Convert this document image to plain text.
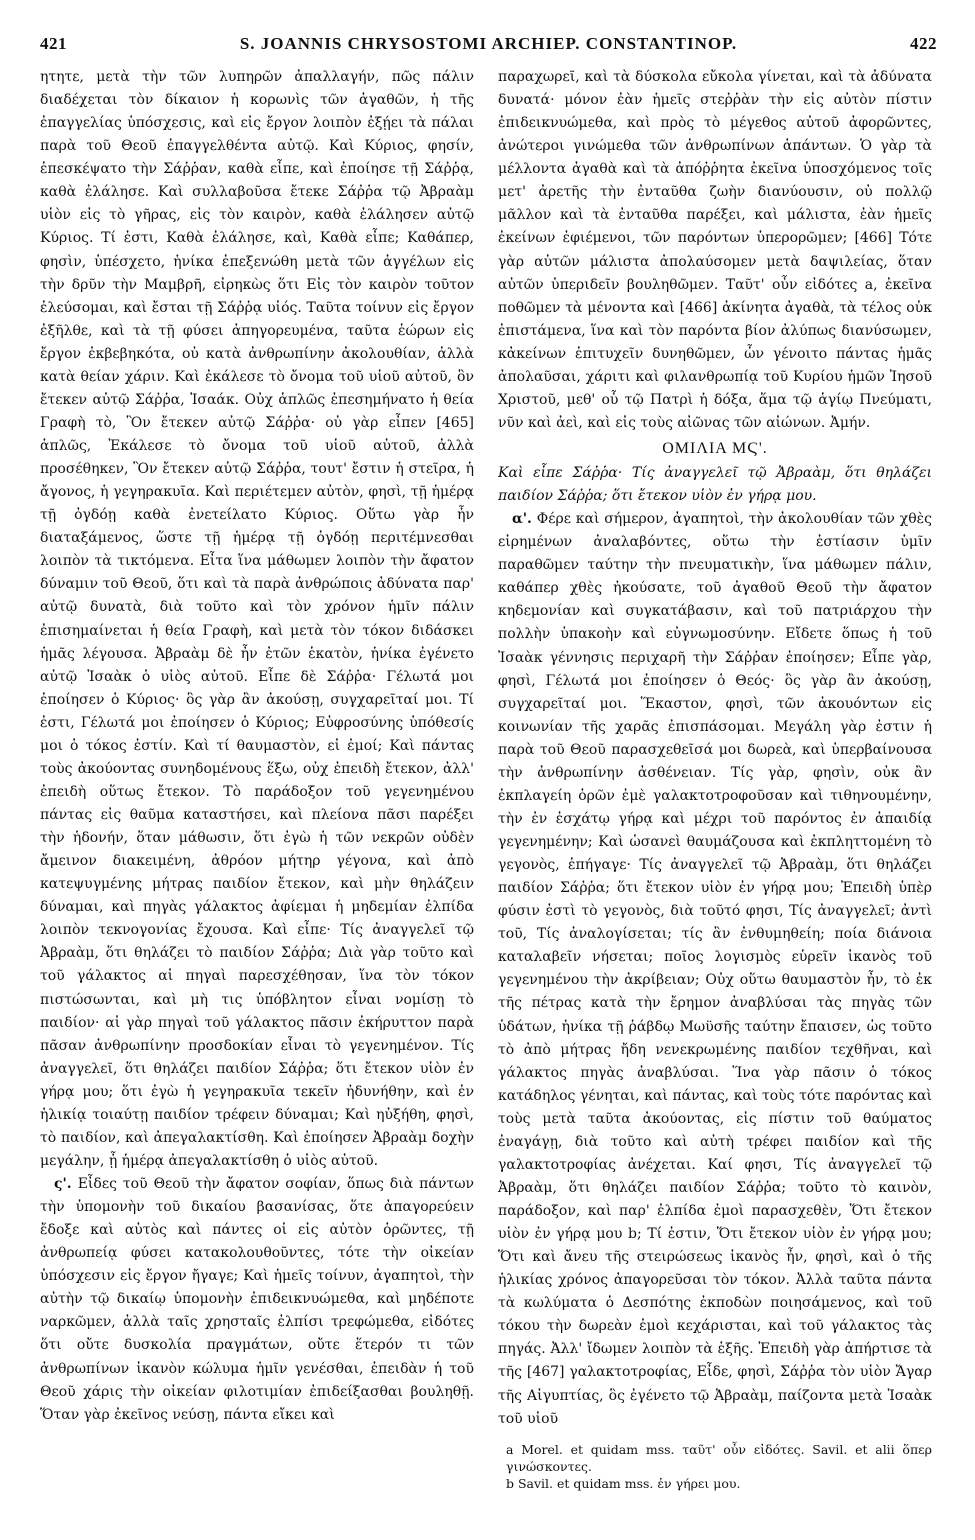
421	S. JOANNIS CHRYSOSTOMI ARCHIEP. CONSTANTINOP.	422

ητητε, μετὰ τὴν τῶν λυπηρῶν ἀπαλλαγήν, πῶς πάλιν διαδέχεται τὸν δίκαιον ἡ κορωνὶς τῶν ἀγαθῶν, ἡ τῆς ἐπαγγελίας ὑπόσχεσις, καὶ εἰς ἔργον λοιπὸν ἐξῄει τὰ πάλαι παρὰ τοῦ Θεοῦ ἐπαγγελθέντα αὐτῷ. Καὶ Κύριος, φησίν, ἐπεσκέψατο τὴν Σάῤῥαν, καθὰ εἶπε, καὶ ἐποίησε τῇ Σάῤῥᾳ, καθὰ ἐλάλησε. Καὶ συλλαβοῦσα ἔτεκε Σάῤῥα τῷ Ἀβραὰμ υἱὸν εἰς τὸ γῆρας, εἰς τὸν καιρὸν, καθὰ ἐλάλησεν αὐτῷ Κύριος. Τί ἐστι, Καθὰ ἐλάλησε, καὶ, Καθὰ εἶπε; Καθάπερ, φησὶν, ὑπέσχετο, ἡνίκα ἐπεξενώθη μετὰ τῶν ἀγγέλων εἰς τὴν δρῦν τὴν Μαμβρῆ, εἰρηκὼς ὅτι Εἰς τὸν καιρὸν τοῦτον ἐλεύσομαι, καὶ ἔσται τῇ Σάῤῥᾳ υἱός. Ταῦτα τοίνυν εἰς ἔργον ἐξῆλθε, καὶ τὰ τῇ φύσει ἀπηγορευμένα, ταῦτα ἑώρων εἰς ἔργον ἐκβεβηκότα, οὐ κατὰ ἀνθρωπίνην ἀκολουθίαν, ἀλλὰ κατὰ θείαν χάριν. Καὶ ἐκάλεσε τὸ ὄνομα τοῦ υἱοῦ αὐτοῦ, ὃν ἔτεκεν αὐτῷ Σάῤῥα, Ἰσαάκ. Οὐχ ἁπλῶς ἐπεσημήνατο ἡ θεία Γραφὴ τὸ, Ὃν ἔτεκεν αὐτῷ Σάῤῥα· οὐ γὰρ εἶπεν [465] ἁπλῶς, Ἐκάλεσε τὸ ὄνομα τοῦ υἱοῦ αὐτοῦ, ἀλλὰ προσέθηκεν, Ὃν ἔτεκεν αὐτῷ Σάῤῥα, τουτ' ἔστιν ἡ στεῖρα, ἡ ἄγονος, ἡ γεγηρακυῖα. Καὶ περιέτεμεν αὐτὸν, φησὶ, τῇ ἡμέρᾳ τῇ ὀγδόῃ καθὰ ἐνετείλατο Κύριος. Οὕτω γὰρ ἦν διαταξάμενος, ὥστε τῇ ἡμέρᾳ τῇ ὀγδόῃ περιτέμνεσθαι λοιπὸν τὰ τικτόμενα. Εἶτα ἵνα μάθωμεν λοιπὸν τὴν ἄφατον δύναμιν τοῦ Θεοῦ, ὅτι καὶ τὰ παρὰ ἀνθρώποις ἀδύνατα παρ' αὐτῷ δυνατὰ, διὰ τοῦτο καὶ τὸν χρόνον ἡμῖν πάλιν ἐπισημαίνεται ἡ θεία Γραφὴ, καὶ μετὰ τὸν τόκον διδάσκει ἡμᾶς λέγουσα. Ἀβραὰμ δὲ ἦν ἐτῶν ἑκατὸν, ἡνίκα ἐγένετο αὐτῷ Ἰσαὰκ ὁ υἱὸς αὐτοῦ. Εἶπε δὲ Σάῤῥα· Γέλωτά μοι ἐποίησεν ὁ Κύριος· ὃς γὰρ ἂν ἀκούσῃ, συγχαρεῖταί μοι. Τί ἐστι, Γέλωτά μοι ἐποίησεν ὁ Κύριος; Εὐφροσύνης ὑπόθεσίς μοι ὁ τόκος ἐστίν. Καὶ τί θαυμαστὸν, εἰ ἐμοί; Καὶ πάντας τοὺς ἀκούοντας συνηδομένους ἕξω, οὐχ ἐπειδὴ ἔτεκον, ἀλλ' ἐπειδὴ οὕτως ἔτεκον. Τὸ παράδοξον τοῦ γεγενημένου πάντας εἰς θαῦμα καταστήσει, καὶ πλείονα πᾶσι παρέξει τὴν ἡδονήν, ὅταν μάθωσιν, ὅτι ἐγὼ ἡ τῶν νεκρῶν οὐδὲν ἄμεινον διακειμένη, ἀθρόον μήτηρ γέγονα, καὶ ἀπὸ κατεψυγμένης μήτρας παιδίον ἔτεκον, καὶ μὴν θηλάζειν δύναμαι, καὶ πηγὰς γάλακτος ἀφίεμαι ἡ μηδεμίαν ἐλπίδα λοιπὸν τεκνογονίας ἔχουσα. Καὶ εἶπε· Τίς ἀναγγελεῖ τῷ Ἀβραὰμ, ὅτι θηλάζει τὸ παιδίον Σάῤῥα; Διὰ γὰρ τοῦτο καὶ τοῦ γάλακτος αἱ πηγαὶ παρεσχέθησαν, ἵνα τὸν τόκον πιστώσωνται, καὶ μὴ τις ὑπόβλητον εἶναι νομίσῃ τὸ παιδίον· αἱ γὰρ πηγαὶ τοῦ γάλακτος πᾶσιν ἐκήρυττον παρὰ πᾶσαν ἀνθρωπίνην προσδοκίαν εἶναι τὸ γεγενημένον. Τίς ἀναγγελεῖ, ὅτι θηλάζει παιδίον Σάῤῥα; ὅτι ἔτεκον υἱὸν ἐν γήρᾳ μου; ὅτι ἐγὼ ἡ γεγηρακυῖα τεκεῖν ἠδυνήθην, καὶ ἐν ἡλικίᾳ τοιαύτῃ παιδίον τρέφειν δύναμαι; Καὶ ηὐξήθη, φησὶ, τὸ παιδίον, καὶ ἀπεγαλακτίσθη. Καὶ ἐποίησεν Ἀβραὰμ δοχὴν μεγάλην, ᾗ ἡμέρᾳ ἀπεγαλακτίσθη ὁ υἱὸς αὐτοῦ.

ς'. Εἶδες τοῦ Θεοῦ τὴν ἄφατον σοφίαν, ὅπως διὰ πάντων τὴν ὑπομονὴν τοῦ δικαίου βασανίσας, ὅτε ἀπαγορεύειν ἔδοξε καὶ αὐτὸς καὶ πάντες οἱ εἰς αὐτὸν ὁρῶντες, τῇ ἀνθρωπείᾳ φύσει κατακολουθοῦντες, τότε τὴν οἰκείαν ὑπόσχεσιν εἰς ἔργον ἤγαγε; Καὶ ἡμεῖς τοίνυν, ἀγαπητοὶ, τὴν αὐτὴν τῷ δικαίῳ ὑπομονὴν ἐπιδεικνυώμεθα, καὶ μηδέποτε ναρκῶμεν, ἀλλὰ ταῖς χρησταῖς ἐλπίσι τρεφώμεθα, εἰδότες ὅτι οὔτε δυσκολία πραγμάτων, οὔτε ἕτερόν τι τῶν ἀνθρωπίνων ἱκανὸν κώλυμα ἡμῖν γενέσθαι, ἐπειδὰν ἡ τοῦ Θεοῦ χάρις τὴν οἰκείαν φιλοτιμίαν ἐπιδείξασθαι βουληθῇ. Ὅταν γὰρ ἐκεῖνος νεύσῃ, πάντα εἴκει καὶ

παραχωρεῖ, καὶ τὰ δύσκολα εὔκολα γίνεται, καὶ τὰ ἀδύνατα δυνατά· μόνον ἐὰν ἡμεῖς στεῤῥὰν τὴν εἰς αὐτὸν πίστιν ἐπιδεικνυώμεθα, καὶ πρὸς τὸ μέγεθος αὐτοῦ ἀφορῶντες, ἀνώτεροι γινώμεθα τῶν ἀνθρωπίνων ἁπάντων. Ὁ γὰρ τὰ μέλλοντα ἀγαθὰ καὶ τὰ ἀπόῤῥητα ἐκεῖνα ὑποσχόμενος τοῖς μετ' ἀρετῆς τὴν ἐνταῦθα ζωὴν διανύουσιν, οὐ πολλῷ μᾶλλον καὶ τὰ ἐνταῦθα παρέξει, καὶ μάλιστα, ἐὰν ἡμεῖς ἐκείνων ἐφιέμενοι, τῶν παρόντων ὑπερορῶμεν; [466] Τότε γὰρ αὐτῶν μάλιστα ἀπολαύσομεν μετὰ δαψιλείας, ὅταν αὐτῶν ὑπεριδεῖν βουληθῶμεν. Ταῦτ' οὖν εἰδότες a, ἐκεῖνα ποθῶμεν τὰ μένοντα καὶ [466] ἀκίνητα ἀγαθὰ, τὰ τέλος οὐκ ἐπιστάμενα, ἵνα καὶ τὸν παρόντα βίον ἀλύπως διανύσωμεν, κἀκείνων ἐπιτυχεῖν δυνηθῶμεν, ὧν γένοιτο πάντας ἡμᾶς ἀπολαῦσαι, χάριτι καὶ φιλανθρωπίᾳ τοῦ Κυρίου ἡμῶν Ἰησοῦ Χριστοῦ, μεθ' οὗ τῷ Πατρὶ ἡ δόξα, ἅμα τῷ ἁγίῳ Πνεύματι, νῦν καὶ ἀεὶ, καὶ εἰς τοὺς αἰῶνας τῶν αἰώνων. Ἀμήν.

ΟΜΙΛΙΑ ΜϚ'.

Καὶ εἶπε Σάῤῥα· Τίς ἀναγγελεῖ τῷ Ἀβραὰμ, ὅτι θηλάζει παιδίον Σάῤῥα; ὅτι ἔτεκον υἱὸν ἐν γήρᾳ μου.

α'. Φέρε καὶ σήμερον, ἀγαπητοὶ, τὴν ἀκολουθίαν τῶν χθὲς εἰρημένων ἀναλαβόντες, οὕτω τὴν ἑστίασιν ὑμῖν παραθῶμεν ταύτην τὴν πνευματικὴν, ἵνα μάθωμεν πάλιν, καθάπερ χθὲς ἠκούσατε, τοῦ ἀγαθοῦ Θεοῦ τὴν ἄφατον κηδεμονίαν καὶ συγκατάβασιν, καὶ τοῦ πατριάρχου τὴν πολλὴν ὑπακοὴν καὶ εὐγνωμοσύνην. Εἴδετε ὅπως ἡ τοῦ Ἰσαὰκ γέννησις περιχαρῆ τὴν Σάῤῥαν ἐποίησεν; Εἶπε γὰρ, φησὶ, Γέλωτά μοι ἐποίησεν ὁ Θεός· ὃς γὰρ ἂν ἀκούσῃ, συγχαρεῖταί μοι. Ἕκαστον, φησὶ, τῶν ἀκουόντων εἰς κοινωνίαν τῆς χαρᾶς ἐπισπάσομαι. Μεγάλη γὰρ ἐστιν ἡ παρὰ τοῦ Θεοῦ παρασχεθεῖσά μοι δωρεὰ, καὶ ὑπερβαίνουσα τὴν ἀνθρωπίνην ἀσθένειαν. Τίς γὰρ, φησὶν, οὐκ ἂν ἐκπλαγείη ὁρῶν ἐμὲ γαλακτοτροφοῦσαν καὶ τιθηνουμένην, τὴν ἐν ἐσχάτῳ γήρᾳ καὶ μέχρι τοῦ παρόντος ἐν ἀπαιδίᾳ γεγενημένην; Καὶ ὡσανεὶ θαυμάζουσα καὶ ἐκπληττομένη τὸ γεγονὸς, ἐπήγαγε· Τίς ἀναγγελεῖ τῷ Ἀβραὰμ, ὅτι θηλάζει παιδίον Σάῤῥα; ὅτι ἔτεκον υἱὸν ἐν γήρᾳ μου; Ἐπειδὴ ὑπὲρ φύσιν ἐστὶ τὸ γεγονὸς, διὰ τοῦτό φησι, Τίς ἀναγγελεῖ; ἀντὶ τοῦ, Τίς ἀναλογίσεται; τίς ἂν ἐνθυμηθείη; ποία διάνοια καταλαβεῖν νήσεται; ποῖος λογισμὸς εὑρεῖν ἱκανὸς τοῦ γεγενημένου τὴν ἀκρίβειαν; Οὐχ οὕτω θαυμαστὸν ἦν, τὸ ἐκ τῆς πέτρας κατὰ τὴν ἔρημον ἀναβλύσαι τὰς πηγὰς τῶν ὑδάτων, ἡνίκα τῇ ῥάβδῳ Μωϋσῆς ταύτην ἔπαισεν, ὡς τοῦτο τὸ ἀπὸ μήτρας ἤδη νενεκρωμένης παιδίον τεχθῆναι, καὶ γάλακτος πηγὰς ἀναβλύσαι. Ἵνα γὰρ πᾶσιν ὁ τόκος κατάδηλος γένηται, καὶ πάντας, καὶ τοὺς τότε παρόντας καὶ τοὺς μετὰ ταῦτα ἀκούοντας, εἰς πίστιν τοῦ θαύματος ἐναγάγῃ, διὰ τοῦτο καὶ αὐτὴ τρέφει παιδίον καὶ τῆς γαλακτοτροφίας ἀνέχεται. Καί φησι, Τίς ἀναγγελεῖ τῷ Ἀβραὰμ, ὅτι θηλάζει παιδίον Σάῤῥα; τοῦτο τὸ καινὸν, παράδοξον, καὶ παρ' ἐλπίδα ἐμοὶ παρασχεθὲν, Ὅτι ἔτεκον υἱὸν ἐν γήρᾳ μου b; Τί ἐστιν, Ὅτι ἔτεκον υἱὸν ἐν γήρᾳ μου; Ὅτι καὶ ἄνευ τῆς στειρώσεως ἱκανὸς ἦν, φησὶ, καὶ ὁ τῆς ἡλικίας χρόνος ἀπαγορεῦσαι τὸν τόκον. Ἀλλὰ ταῦτα πάντα τὰ κωλύματα ὁ Δεσπότης ἐκποδὼν ποιησάμενος, καὶ τοῦ τόκου τὴν δωρεὰν ἐμοὶ κεχάρισται, καὶ τοῦ γάλακτος τὰς πηγάς. Ἀλλ' ἴδωμεν λοιπὸν τὰ ἑξῆς. Ἐπειδὴ γὰρ ἀπήρτισε τὰ τῆς [467] γαλακτοτροφίας, Εἶδε, φησὶ, Σάῤῥα τὸν υἱὸν Ἄγαρ τῆς Αἰγυπτίας, ὃς ἐγένετο τῷ Ἀβραὰμ, παίζοντα μετὰ Ἰσαὰκ τοῦ υἱοῦ

a Morel. et quidam mss. ταῦτ' οὖν εἰδότες. Savil. et alii ὅπερ γινώσκοντες.
b Savil. et quidam mss. ἐν γήρει μου.
